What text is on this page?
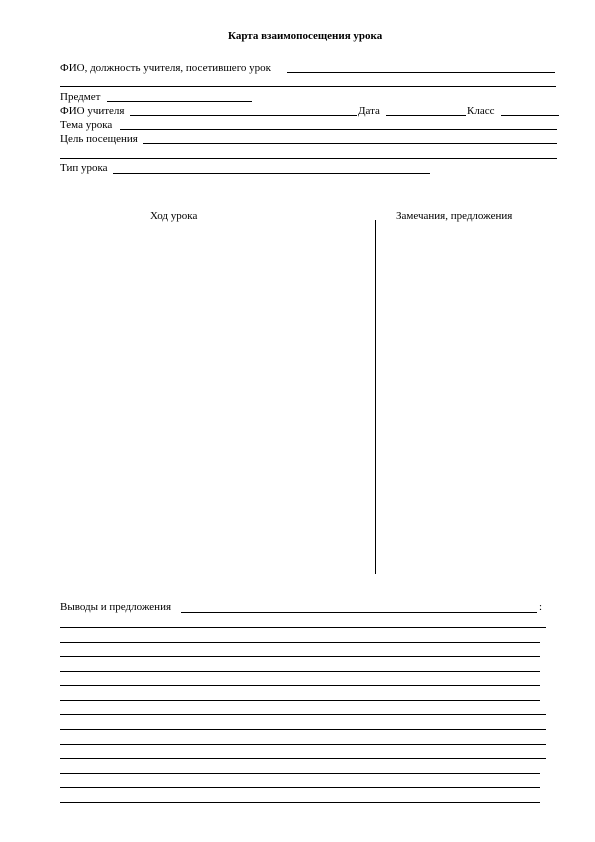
Карта взаимопосещения урока
ФИО, должность учителя, посетившего урок
Предмет
ФИО учителя	Дата	Класс
Тема урока
Цель посещения
Тип урока
Ход урока	Замечания, предложения
Выводы и предложения	:
